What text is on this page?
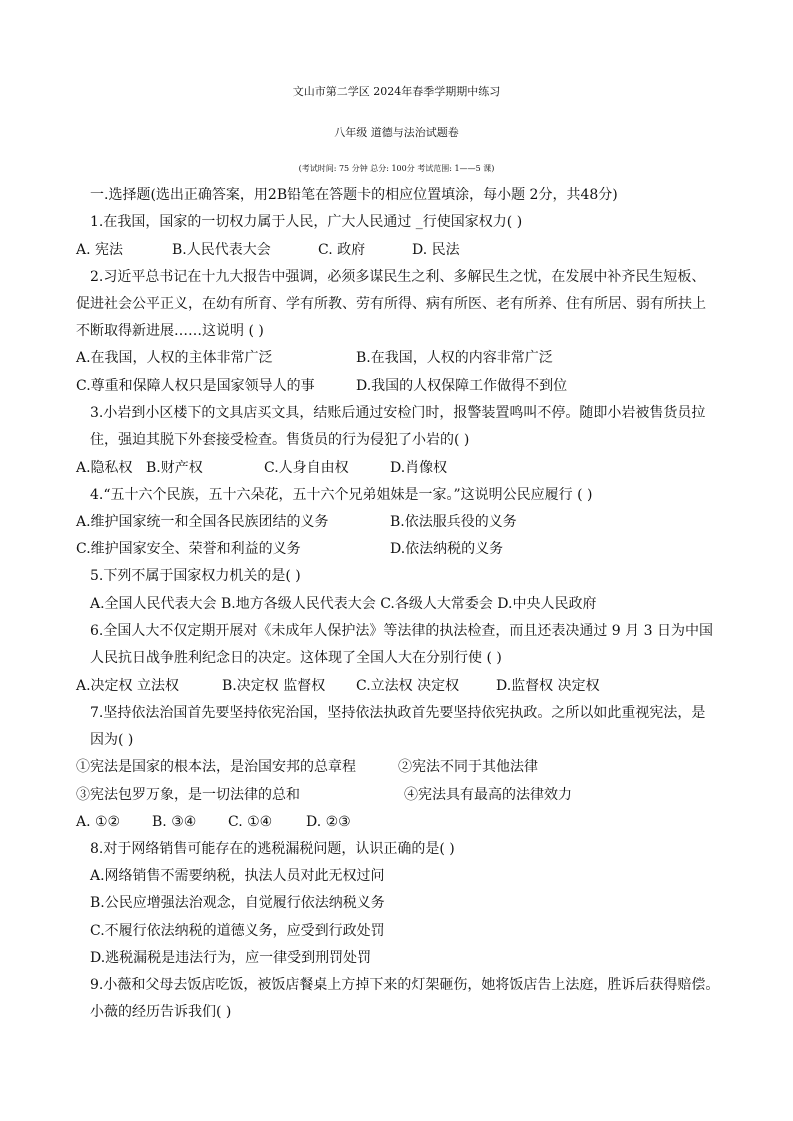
文山市第二学区 2024年春季学期期中练习
八年级 道德与法治试题卷
(考试时间: 75 分钟 总分: 100分 考试范围: 1——5 课)
一.选择题(选出正确答案，用2B铅笔在答题卡的相应位置填涂，每小题 2分，共48分)
1.在我国，国家的一切权力属于人民，广大人民通过 _行使国家权力( )
A. 宪法	B.人民代表大会	C. 政府	D. 民法
2.习近平总书记在十九大报告中强调，必须多谋民生之利、多解民生之忧，在发展中补齐民生短板、
促进社会公平正义，在幼有所育、学有所教、劳有所得、病有所医、老有所养、住有所居、弱有所扶上
不断取得新进展……这说明 ( )
A.在我国，人权的主体非常广泛	B.在我国，人权的内容非常广泛
C.尊重和保障人权只是国家领导人的事	D.我国的人权保障工作做得不到位
3.小岩到小区楼下的文具店买文具，结账后通过安检门时，报警装置鸣叫不停。随即小岩被售货员拉
住，强迫其脱下外套接受检查。售货员的行为侵犯了小岩的( )
A.隐私权 B.财产权	C.人身自由权	D.肖像权
4.“五十六个民族，五十六朵花，五十六个兄弟姐妹是一家。”这说明公民应履行 ( )
A.维护国家统一和全国各民族团结的义务	B.依法服兵役的义务
C.维护国家安全、荣誉和利益的义务	D.依法纳税的义务
5.下列不属于国家权力机关的是( )
A.全国人民代表大会 B.地方各级人民代表大会 C.各级人大常委会 D.中央人民政府
6.全国人大不仅定期开展对《未成年人保护法》等法律的执法检查，而且还表决通过 9 月 3 日为中国
人民抗日战争胜利纪念日的决定。这体现了全国人大在分别行使 ( )
A.决定权 立法权	B.决定权 监督权 C.立法权 决定权	D.监督权 决定权
7.坚持依法治国首先要坚持依宪治国，坚持依法执政首先要坚持依宪执政。之所以如此重视宪法，是
因为( )
①宪法是国家的根本法，是治国安邦的总章程	②宪法不同于其他法律
③宪法包罗万象，是一切法律的总和	④宪法具有最高的法律效力
A. ①② B. ③④ C. ①④ D. ②③
8.对于网络销售可能存在的逃税漏税问题，认识正确的是( )
A.网络销售不需要纳税，执法人员对此无权过问
B.公民应增强法治观念，自觉履行依法纳税义务
C.不履行依法纳税的道德义务，应受到行政处罚
D.逃税漏税是违法行为，应一律受到刑罚处罚
9.小薇和父母去饭店吃饭，被饭店餐桌上方掉下来的灯架砸伤，她将饭店告上法庭，胜诉后获得赔偿。
小薇的经历告诉我们( )
